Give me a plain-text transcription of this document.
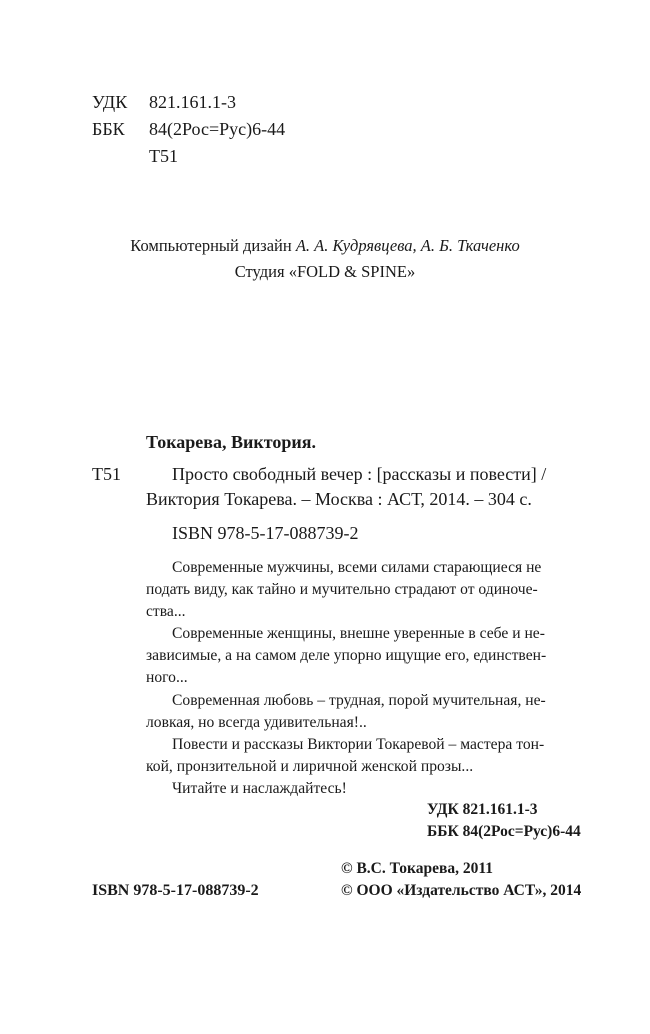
УДК 821.161.1-3
ББК 84(2Рос=Рус)6-44
Т51
Компьютерный дизайн А. А. Кудрявцева, А. Б. Ткаченко
Студия «FOLD & SPINE»
Токарева, Виктория.
Т51	Просто свободный вечер : [рассказы и повести] /
Виктория Токарева. – Москва : АСТ, 2014. – 304 с.
ISBN 978-5-17-088739-2
Современные мужчины, всеми силами старающиеся не
подать виду, как тайно и мучительно страдают от одиноче-
ства...
Современные женщины, внешне уверенные в себе и не-
зависимые, а на самом деле упорно ищущие его, единствен-
ного...
Современная любовь – трудная, порой мучительная, не-
ловкая, но всегда удивительная!..
Повести и рассказы Виктории Токаревой – мастера тон-
кой, пронзительной и лиричной женской прозы...
Читайте и наслаждайтесь!
УДК 821.161.1-3
ББК 84(2Рос=Рус)6-44
© В.С. Токарева, 2011
© ООО «Издательство АСТ», 2014
ISBN 978-5-17-088739-2
